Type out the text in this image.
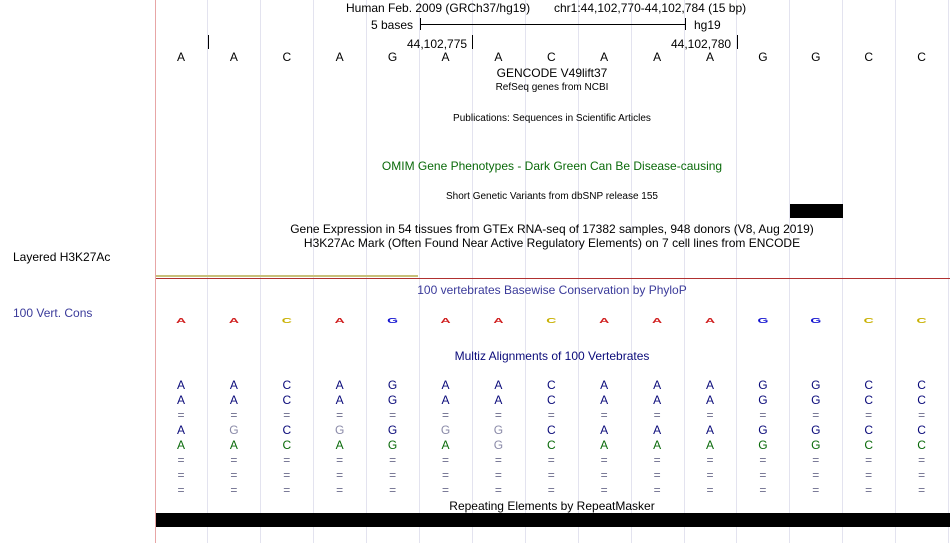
Layered H3K27Ac
100 Vert. Cons
Human Feb. 2009 (GRCh37/hg19) chr1:44,102,770-44,102,784 (15 bp)
5 bases	hg19
44,102,775	44,102,780
A	A	C	A	G	A	A	C	A	A	A	G	G	C	C
GENCODE V49lift37
RefSeq genes from NCBI
Publications: Sequences in Scientific Articles
OMIM Gene Phenotypes - Dark Green Can Be Disease-causing
Short Genetic Variants from dbSNP release 155
Gene Expression in 54 tissues from GTEx RNA-seq of 17382 samples, 948 donors (V8, Aug 2019)
H3K27Ac Mark (Often Found Near Active Regulatory Elements) on 7 cell lines from ENCODE
100 vertebrates Basewise Conservation by PhyloP
A	A	C	A	G	A	A	C	A	A	A	G	G	C	C
Multiz Alignments of 100 Vertebrates
A	A	C	A	G	A	A	C	A	A	A	G	G	C	C
A	A	C	A	G	A	A	C	A	A	A	G	G	C	C
=	=	=	=	=	=	=	=	=	=	=	=	=	=	=
A	G	C	G	G	G	G	C	A	A	A	G	G	C	C
A	A	C	A	G	A	G	C	A	A	A	G	G	C	C
=	=	=	=	=	=	=	=	=	=	=	=	=	=	=
=	=	=	=	=	=	=	=	=	=	=	=	=	=	=
=	=	=	=	=	=	=	=	=	=	=	=	=	=	=
Repeating Elements by RepeatMasker
